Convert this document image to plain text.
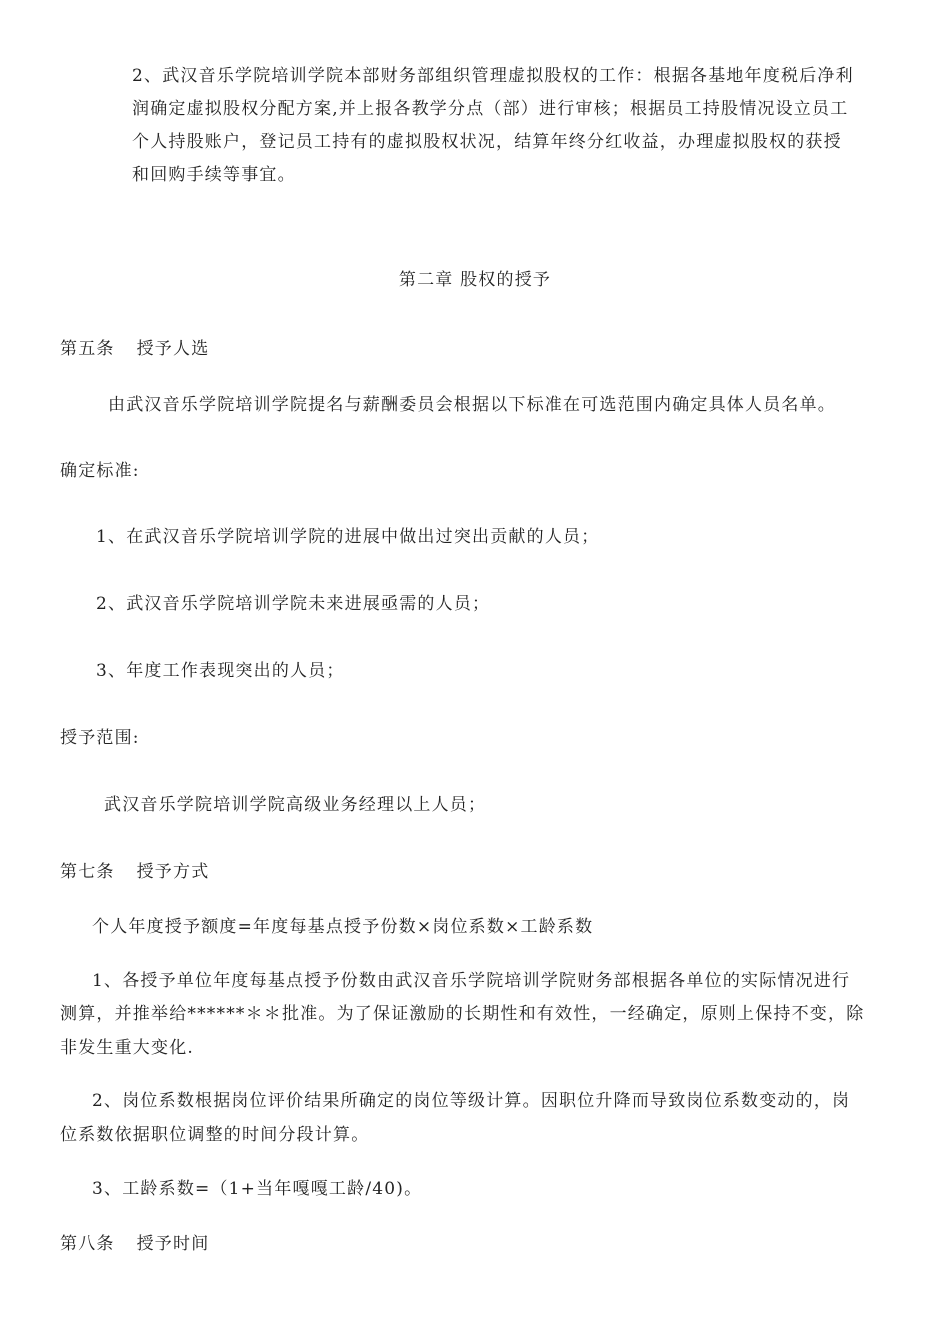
2、武汉音乐学院培训学院本部财务部组织管理虚拟股权的工作：根据各基地年度税后净利
润确定虚拟股权分配方案,并上报各教学分点（部）进行审核；根据员工持股情况设立员工
个人持股账户，登记员工持有的虚拟股权状况，结算年终分红收益，办理虚拟股权的获授
和回购手续等事宜。
第二章 股权的授予
第五条 授予人选
由武汉音乐学院培训学院提名与薪酬委员会根据以下标准在可选范围内确定具体人员名单。
确定标准:
1、在武汉音乐学院培训学院的进展中做出过突出贡献的人员；
2、武汉音乐学院培训学院未来进展亟需的人员；
3、年度工作表现突出的人员；
授予范围:
武汉音乐学院培训学院高级业务经理以上人员；
第七条 授予方式
个人年度授予额度=年度每基点授予份数×岗位系数×工龄系数
1、各授予单位年度每基点授予份数由武汉音乐学院培训学院财务部根据各单位的实际情况进行
测算，并推举给******＊＊批准。为了保证激励的长期性和有效性，一经确定，原则上保持不变，除
非发生重大变化.
2、岗位系数根据岗位评价结果所确定的岗位等级计算。因职位升降而导致岗位系数变动的，岗
位系数依据职位调整的时间分段计算。
3、工龄系数=（1+当年嘎嘎工龄/40)。
第八条 授予时间
